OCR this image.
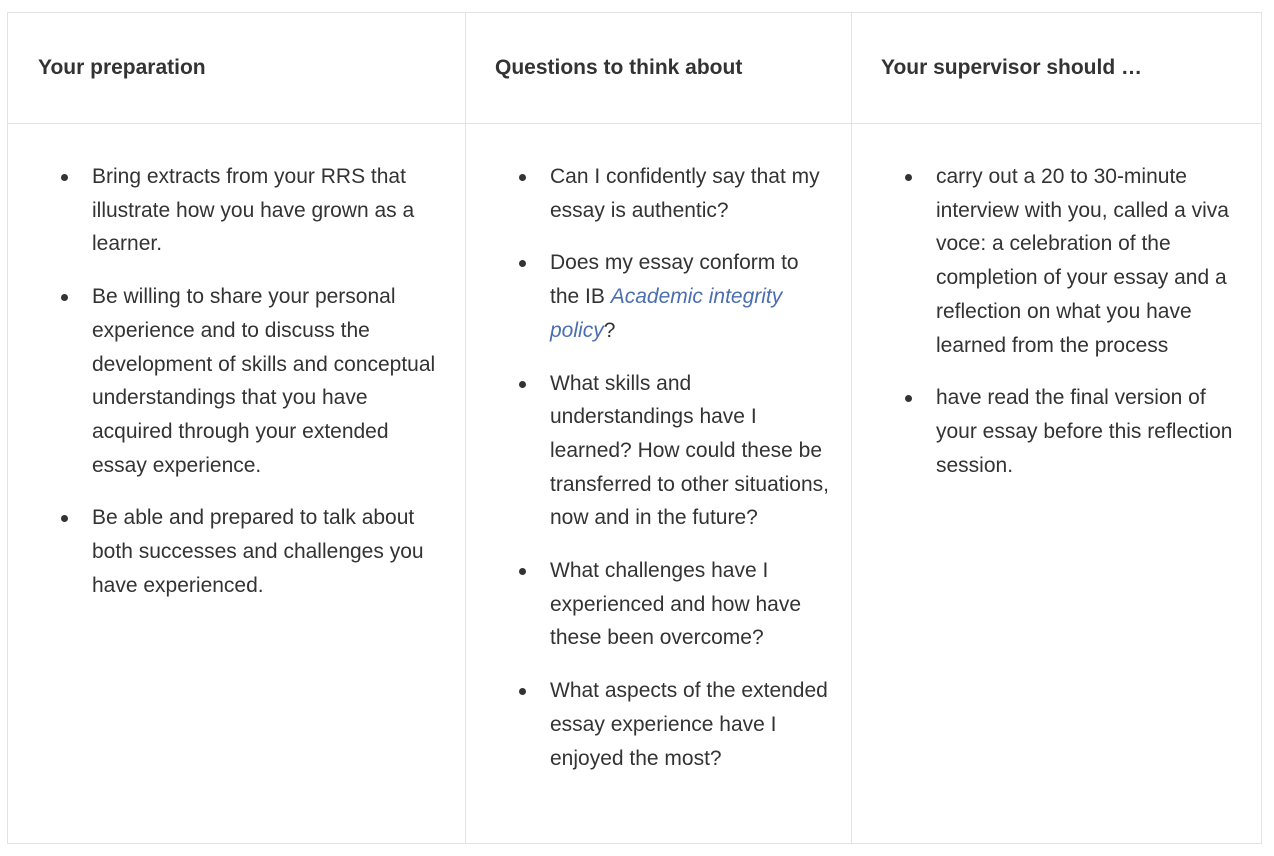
Your preparation	Questions to think about	Your supervisor should …
Bring extracts from your RRS that illustrate how you have grown as a learner.
Be willing to share your personal experience and to discuss the development of skills and conceptual understandings that you have acquired through your extended essay experience.
Be able and prepared to talk about both successes and challenges you have experienced.
Can I confidently say that my essay is authentic?
Does my essay conform to the IB Academic integrity policy?
What skills and understandings have I learned? How could these be transferred to other situations, now and in the future?
What challenges have I experienced and how have these been overcome?
What aspects of the extended essay experience have I enjoyed the most?
carry out a 20 to 30-minute interview with you, called a viva voce: a celebration of the completion of your essay and a reflection on what you have learned from the process
have read the final version of your essay before this reflection session.
